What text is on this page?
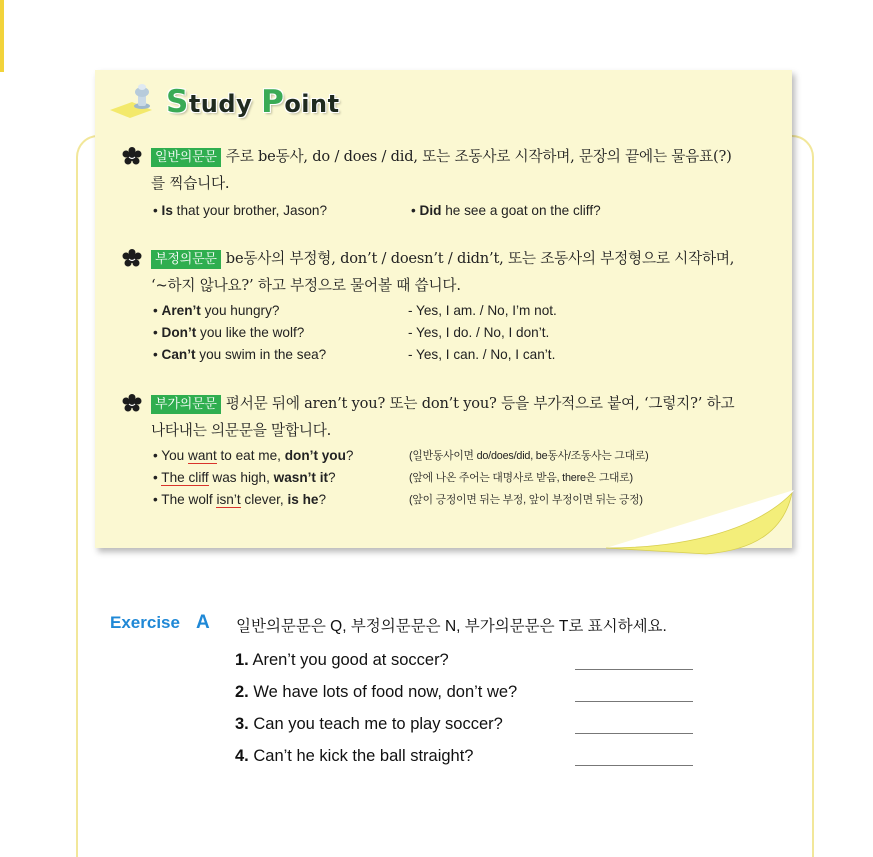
Study Point
일반의문문 주로 be동사, do / does / did, 또는 조동사로 시작하며, 문장의 끝에는 물음표(?)
를 찍습니다.
• Is that your brother, Jason?	• Did he see a goat on the cliff?
부정의문문 be동사의 부정형, don’t / doesn’t / didn’t, 또는 조동사의 부정형으로 시작하며,
‘~하지 않나요?’ 하고 부정으로 물어볼 때 씁니다.
• Aren’t you hungry?	- Yes, I am. / No, I’m not.
• Don’t you like the wolf?	- Yes, I do. / No, I don’t.
• Can’t you swim in the sea?	- Yes, I can. / No, I can’t.
부가의문문 평서문 뒤에 aren’t you? 또는 don’t you? 등을 부가적으로 붙여, ‘그렇지?’ 하고
나타내는 의문문을 말합니다.
• You want to eat me, don’t you?	(일반동사이면 do/does/did, be동사/조동사는 그대로)
• The cliff was high, wasn’t it?	(앞에 나온 주어는 대명사로 받음, there은 그대로)
• The wolf isn’t clever, is he?	(앞이 긍정이면 뒤는 부정, 앞이 부정이면 뒤는 긍정)
Exercise A 일반의문문은 Q, 부정의문문은 N, 부가의문문은 T로 표시하세요.
1. Aren’t you good at soccer?
2. We have lots of food now, don’t we?
3. Can you teach me to play soccer?
4. Can’t he kick the ball straight?
